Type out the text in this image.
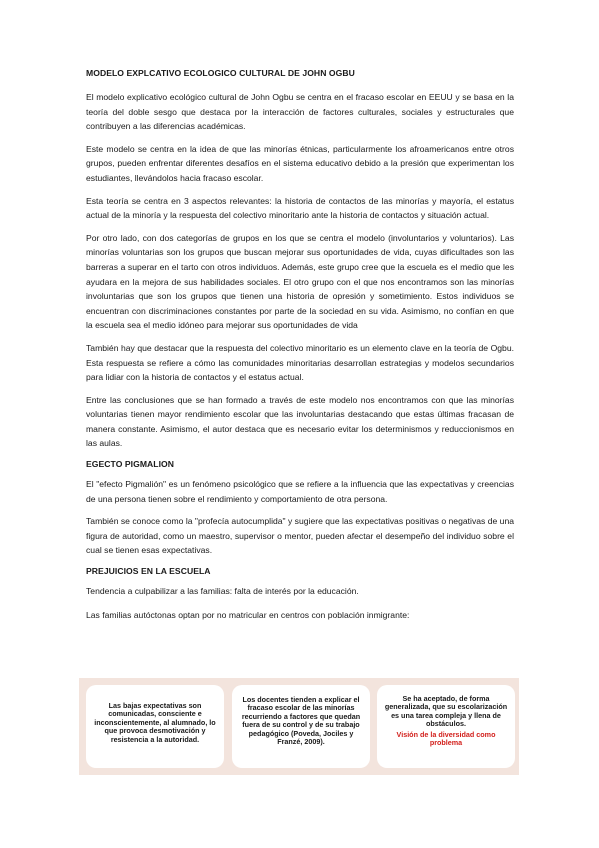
MODELO EXPLCATIVO ECOLOGICO CULTURAL DE JOHN OGBU

El modelo explicativo ecológico cultural de John Ogbu se centra en el fracaso escolar en EEUU y se basa en la teoría del doble sesgo que destaca por la interacción de factores culturales, sociales y estructurales que contribuyen a las diferencias académicas.

Este modelo se centra en la idea de que las minorías étnicas, particularmente los afroamericanos entre otros grupos, pueden enfrentar diferentes desafíos en el sistema educativo debido a la presión que experimentan los estudiantes, llevándolos hacia fracaso escolar.

Esta teoría se centra en 3 aspectos relevantes: la historia de contactos de las minorías y mayoría, el estatus actual de la minoría y la respuesta del colectivo minoritario ante la historia de contactos y situación actual.

Por otro lado, con dos categorías de grupos en los que se centra el modelo (involuntarios y voluntarios). Las minorías voluntarias son los grupos que buscan mejorar sus oportunidades de vida, cuyas dificultades son las barreras a superar en el tarto con otros individuos. Además, este grupo cree que la escuela es el medio que les ayudara en la mejora de sus habilidades sociales. El otro grupo con el que nos encontramos son las minorías involuntarias que son los grupos que tienen una historia de opresión y sometimiento. Estos individuos se encuentran con discriminaciones constantes por parte de la sociedad en su vida. Asimismo, no confían en que la escuela sea el medio idóneo para mejorar sus oportunidades de vida

También hay que destacar que la respuesta del colectivo minoritario es un elemento clave en la teoría de Ogbu. Esta respuesta se refiere a cómo las comunidades minoritarias desarrollan estrategias y modelos secundarios para lidiar con la historia de contactos y el estatus actual.

Entre las conclusiones que se han formado a través de este modelo nos encontramos con que las minorías voluntarias tienen mayor rendimiento escolar que las involuntarias destacando que estas últimas fracasan de manera constante. Asimismo, el autor destaca que es necesario evitar los determinismos y reduccionismos en las aulas.

EGECTO PIGMALION

El "efecto Pigmalión" es un fenómeno psicológico que se refiere a la influencia que las expectativas y creencias de una persona tienen sobre el rendimiento y comportamiento de otra persona.

También se conoce como la "profecía autocumplida" y sugiere que las expectativas positivas o negativas de una figura de autoridad, como un maestro, supervisor o mentor, pueden afectar el desempeño del individuo sobre el cual se tienen esas expectativas.

PREJUICIOS EN LA ESCUELA

Tendencia a culpabilizar a las familias: falta de interés por la educación.

Las familias autóctonas optan por no matricular en centros con población inmigrante:

Las bajas expectativas son comunicadas, consciente e inconscientemente, al alumnado, lo que provoca desmotivación y resistencia a la autoridad.
Los docentes tienden a explicar el fracaso escolar de las minorías recurriendo a factores que quedan fuera de su control y de su trabajo pedagógico (Poveda, Jociles y Franzé, 2009).
Se ha aceptado, de forma generalizada, que su escolarización es una tarea compleja y llena de obstáculos.
Visión de la diversidad como problema
